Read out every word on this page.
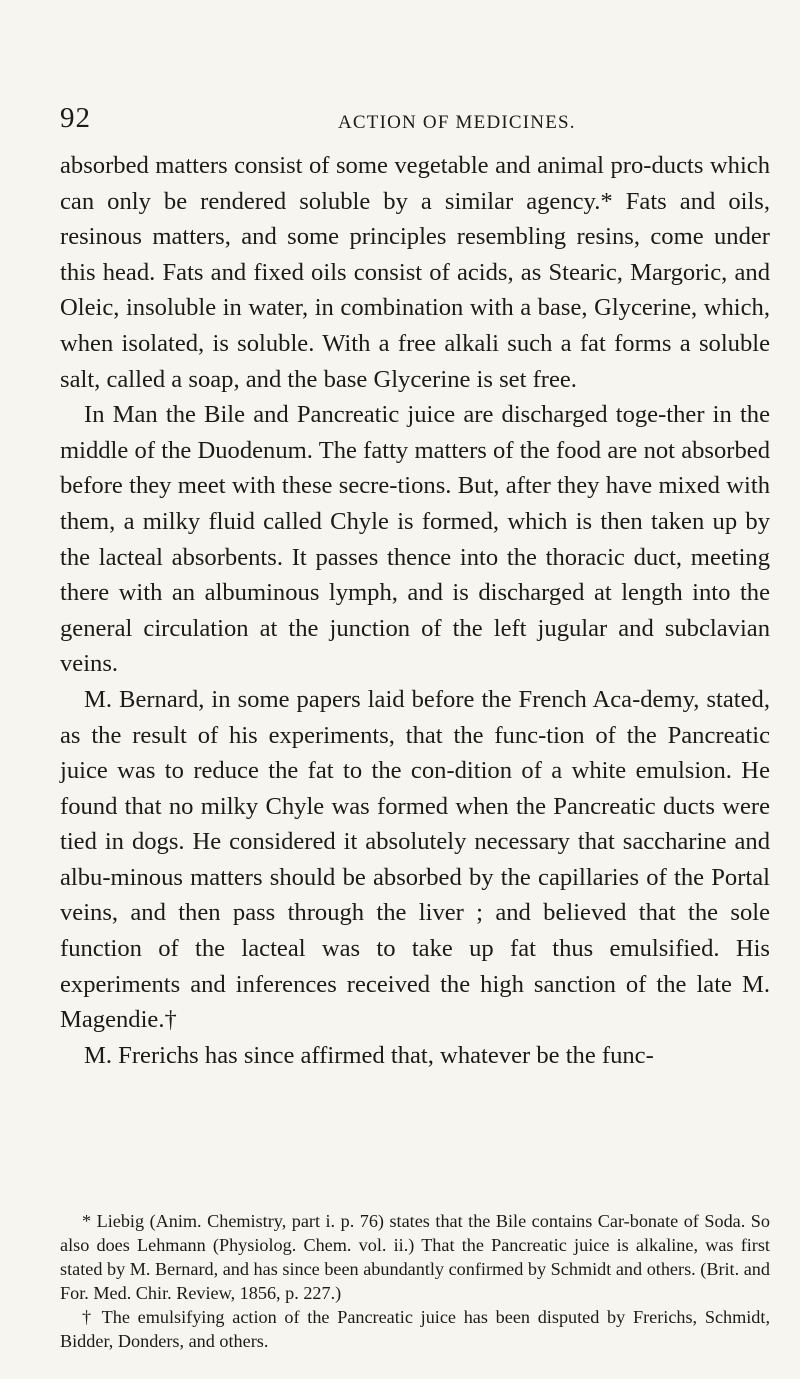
92	ACTION OF MEDICINES.

absorbed matters consist of some vegetable and animal pro-ducts which can only be rendered soluble by a similar agency.* Fats and oils, resinous matters, and some principles resembling resins, come under this head. Fats and fixed oils consist of acids, as Stearic, Margoric, and Oleic, insoluble in water, in combination with a base, Glycerine, which, when isolated, is soluble. With a free alkali such a fat forms a soluble salt, called a soap, and the base Glycerine is set free.

In Man the Bile and Pancreatic juice are discharged toge-ther in the middle of the Duodenum. The fatty matters of the food are not absorbed before they meet with these secre-tions. But, after they have mixed with them, a milky fluid called Chyle is formed, which is then taken up by the lacteal absorbents. It passes thence into the thoracic duct, meeting there with an albuminous lymph, and is discharged at length into the general circulation at the junction of the left jugular and subclavian veins.

M. Bernard, in some papers laid before the French Aca-demy, stated, as the result of his experiments, that the func-tion of the Pancreatic juice was to reduce the fat to the con-dition of a white emulsion. He found that no milky Chyle was formed when the Pancreatic ducts were tied in dogs. He considered it absolutely necessary that saccharine and albu-minous matters should be absorbed by the capillaries of the Portal veins, and then pass through the liver ; and believed that the sole function of the lacteal was to take up fat thus emulsified. His experiments and inferences received the high sanction of the late M. Magendie.†

M. Frerichs has since affirmed that, whatever be the func-

* Liebig (Anim. Chemistry, part i. p. 76) states that the Bile contains Car-bonate of Soda. So also does Lehmann (Physiolog. Chem. vol. ii.) That the Pancreatic juice is alkaline, was first stated by M. Bernard, and has since been abundantly confirmed by Schmidt and others. (Brit. and For. Med. Chir. Review, 1856, p. 227.)

† The emulsifying action of the Pancreatic juice has been disputed by Frerichs, Schmidt, Bidder, Donders, and others.
